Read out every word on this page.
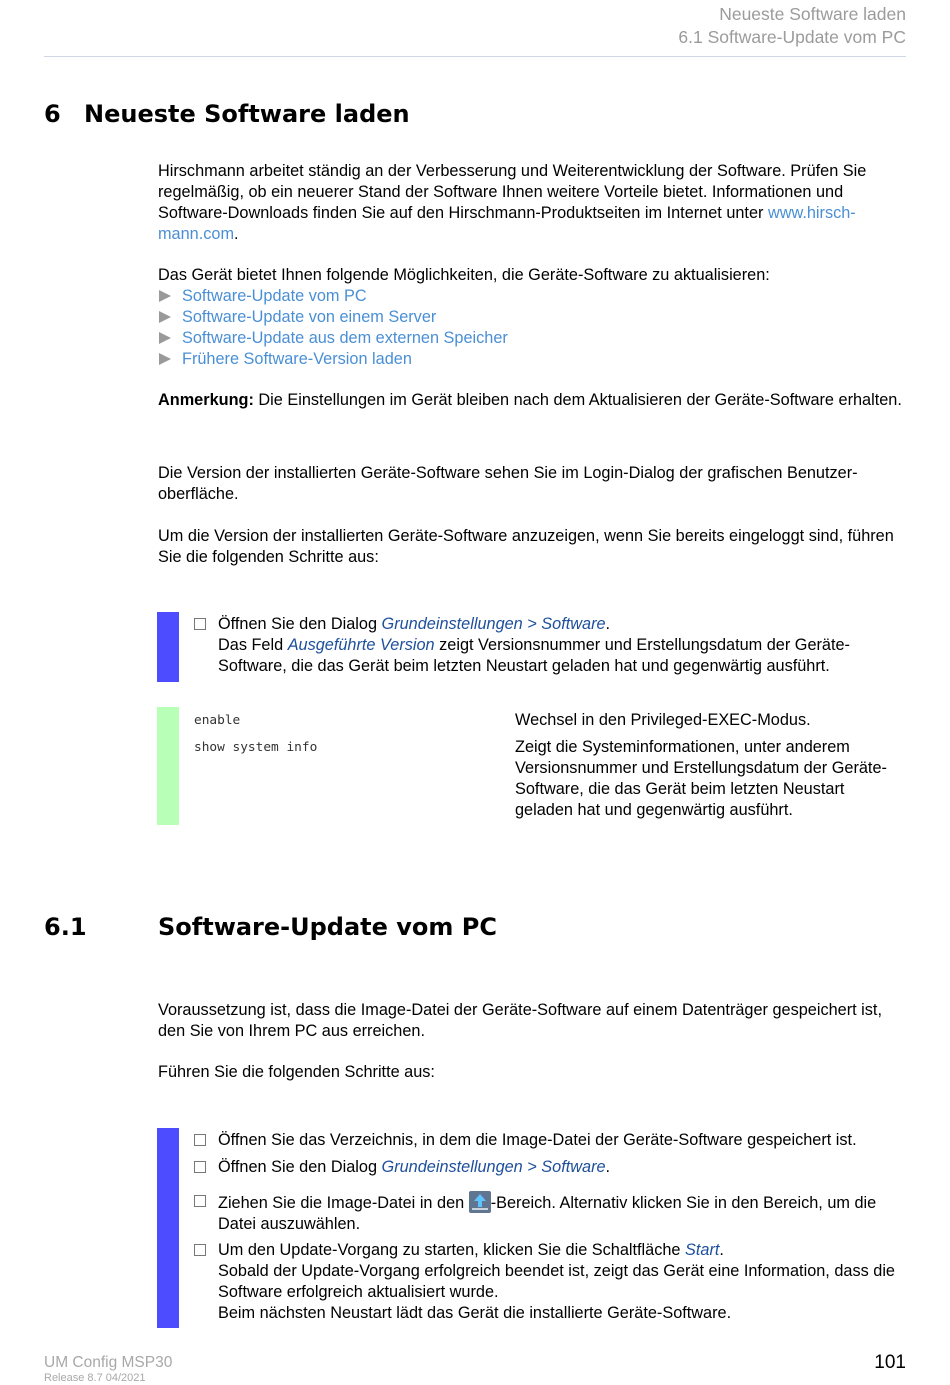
Neueste Software laden
6.1 Software-Update vom PC
6 Neueste Software laden

Hirschmann arbeitet ständig an der Verbesserung und Weiterentwicklung der Software. Prüfen Sie regelmäßig, ob ein neuerer Stand der Software Ihnen weitere Vorteile bietet. Informationen und Software-Downloads finden Sie auf den Hirschmann-Produktseiten im Internet unter www.hirsch-mann.com.

Das Gerät bietet Ihnen folgende Möglichkeiten, die Geräte-Software zu aktualisieren:

Software-Update vom PC
Software-Update von einem Server
Software-Update aus dem externen Speicher
Frühere Software-Version laden

Anmerkung: Die Einstellungen im Gerät bleiben nach dem Aktualisieren der Geräte-Software erhalten.

Die Version der installierten Geräte-Software sehen Sie im Login-Dialog der grafischen Benutzer-oberfläche.
Um die Version der installierten Geräte-Software anzuzeigen, wenn Sie bereits eingeloggt sind, führen Sie die folgenden Schritte aus:
Öffnen Sie den Dialog Grundeinstellungen > Software.
Das Feld Ausgeführte Version zeigt Versionsnummer und Erstellungsdatum der Geräte-Software, die das Gerät beim letzten Neustart geladen hat und gegenwärtig ausführt.
enable	Wechsel in den Privileged-EXEC-Modus.
show system info	Zeigt die Systeminformationen, unter anderem Versionsnummer und Erstellungsdatum der Geräte-Software, die das Gerät beim letzten Neustart geladen hat und gegenwärtig ausführt.
6.1	Software-Update vom PC
Voraussetzung ist, dass die Image-Datei der Geräte-Software auf einem Datenträger gespeichert ist, den Sie von Ihrem PC aus erreichen.
Führen Sie die folgenden Schritte aus:
Öffnen Sie das Verzeichnis, in dem die Image-Datei der Geräte-Software gespeichert ist.
Öffnen Sie den Dialog Grundeinstellungen > Software.
Ziehen Sie die Image-Datei in den
-Bereich. Alternativ klicken Sie in den Bereich, um die Datei auszuwählen.
Um den Update-Vorgang zu starten, klicken Sie die Schaltfläche Start.
Sobald der Update-Vorgang erfolgreich beendet ist, zeigt das Gerät eine Information, dass die Software erfolgreich aktualisiert wurde.
Beim nächsten Neustart lädt das Gerät die installierte Geräte-Software.
UM Config MSP30
Release 8.7 04/2021
101
